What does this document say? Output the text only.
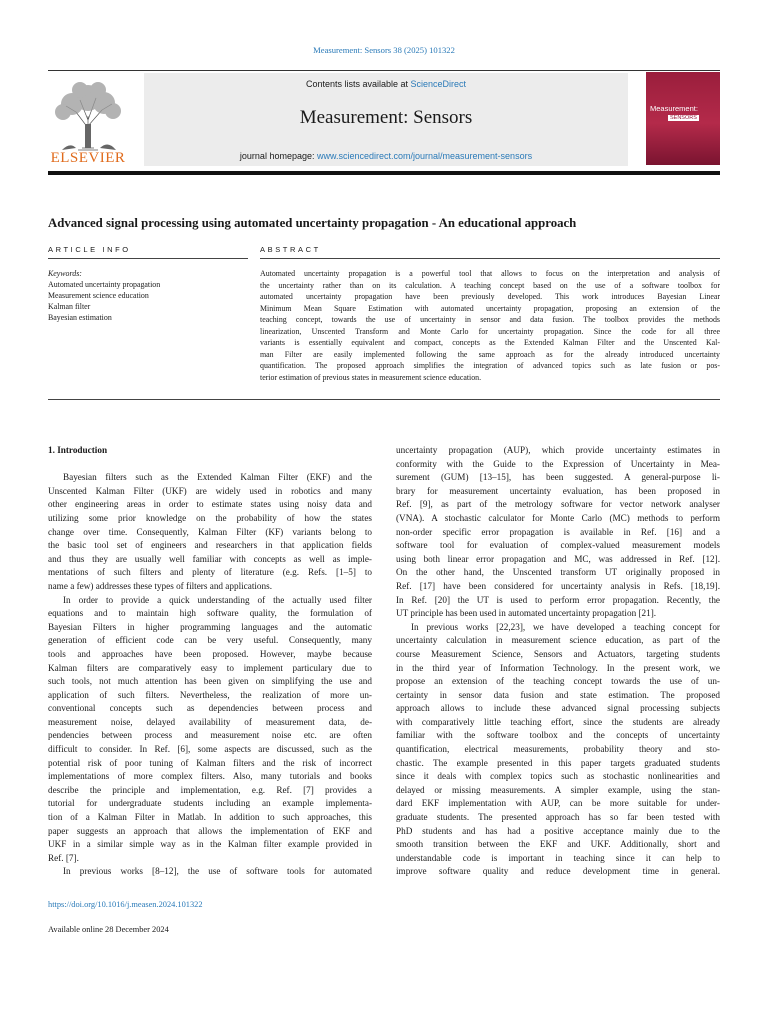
Measurement: Sensors 38 (2025) 101322
ELSEVIER
Contents lists available at ScienceDirect
Measurement: Sensors
journal homepage: www.sciencedirect.com/journal/measurement-sensors
Measurement:
SENSORS
Advanced signal processing using automated uncertainty propagation - An educational approach
ARTICLE INFO	ABSTRACT
Keywords:
Automated uncertainty propagation
Measurement science education
Kalman filter
Bayesian estimation
Automated uncertainty propagation is a powerful tool that allows to focus on the interpretation and analysis of
the uncertainty rather than on its calculation. A teaching concept based on the use of a software toolbox for
automated uncertainty propagation have been previously developed. This work introduces Bayesian Linear
Minimum Mean Square Estimation with automated uncertainty propagation, proposing an extension of the
teaching concept, towards the use of uncertainty in sensor and data fusion. The toolbox provides the methods
linearization, Unscented Transform and Monte Carlo for uncertainty propagation. Since the code for all three
variants is essentially equivalent and compact, concepts as the Extended Kalman Filter and the Unscented Kal-
man Filter are easily implemented following the same approach as for the already introduced uncertainty
quantification. The proposed approach simplifies the integration of advanced topics such as late fusion or pos-
terior estimation of previous states in measurement science education.
1. Introduction
Bayesian filters such as the Extended Kalman Filter (EKF) and the
Unscented Kalman Filter (UKF) are widely used in robotics and many
other engineering areas in order to estimate states using noisy data and
utilizing some prior knowledge on the probability of how the states
change over time. Consequently, Kalman Filter (KF) variants belong to
the basic tool set of engineers and researchers in that application fields
and thus they are usually well familiar with concepts as well as imple-
mentations of such filters and plenty of literature (e.g. Refs. [1–5] to
name a few) addresses these types of filters and applications.
In order to provide a quick understanding of the actually used filter
equations and to maintain high software quality, the formulation of
Bayesian Filters in higher programming languages and the automatic
generation of efficient code can be very useful. Consequently, many
tools and approaches have been proposed. However, maybe because
Kalman filters are comparatively easy to implement particulary due to
such tools, not much attention has been given on simplifying the use and
application of such filters. Nevertheless, the realization of more un-
conventional concepts such as dependencies between process and
measurement noise, delayed availability of measurement data, de-
pendencies between process and measurement noise etc. are often
difficult to consider. In Ref. [6], some aspects are discussed, such as the
potential risk of poor tuning of Kalman filters and the risk of incorrect
implementations of more complex filters. Also, many tutorials and books
describe the principle and implementation, e.g. Ref. [7] provides a
tutorial for undergraduate students including an example implementa-
tion of a Kalman Filter in Matlab. In addition to such approaches, this
paper suggests an approach that allows the implementation of EKF and
UKF in a similar simple way as in the Kalman filter example provided in
Ref. [7].
In previous works [8–12], the use of software tools for automated
uncertainty propagation (AUP), which provide uncertainty estimates in
conformity with the Guide to the Expression of Uncertainty in Mea-
surement (GUM) [13–15], has been suggested. A general-purpose li-
brary for measurement uncertainty evaluation, has been proposed in
Ref. [9], as part of the metrology software for vector network analyser
(VNA). A stochastic calculator for Monte Carlo (MC) methods to perform
non-order specific error propagation is available in Ref. [16] and a
software tool for evaluation of complex-valued measurement models
using both linear error propagation and MC, was addressed in Ref. [12].
On the other hand, the Unscented transform UT originally proposed in
Ref. [17] have been considered for uncertainty analysis in Refs. [18,19].
In Ref. [20] the UT is used to perform error propagation. Recently, the
UT principle has been used in automated uncertainty propagation [21].
In previous works [22,23], we have developed a teaching concept for
uncertainty calculation in measurement science education, as part of the
course Measurement Science, Sensors and Actuators, targeting students
in the third year of Information Technology. In the present work, we
propose an extension of the teaching concept towards the use of un-
certainty in sensor data fusion and state estimation. The proposed
approach allows to include these advanced signal processing subjects
with comparatively little teaching effort, since the students are already
familiar with the software toolbox and the concepts of uncertainty
quantification, electrical measurements, probability theory and sto-
chastic. The example presented in this paper targets graduated students
since it deals with complex topics such as stochastic nonlinearities and
delayed or missing measurements. A simpler example, using the stan-
dard EKF implementation with AUP, can be more suitable for under-
graduate students. The presented approach has so far been tested with
PhD students and has had a positive acceptance mainly due to the
smooth transition between the EKF and UKF. Additionally, short and
understandable code is important in teaching since it can help to
improve software quality and reduce development time in general.
https://doi.org/10.1016/j.measen.2024.101322
Available online 28 December 2024
